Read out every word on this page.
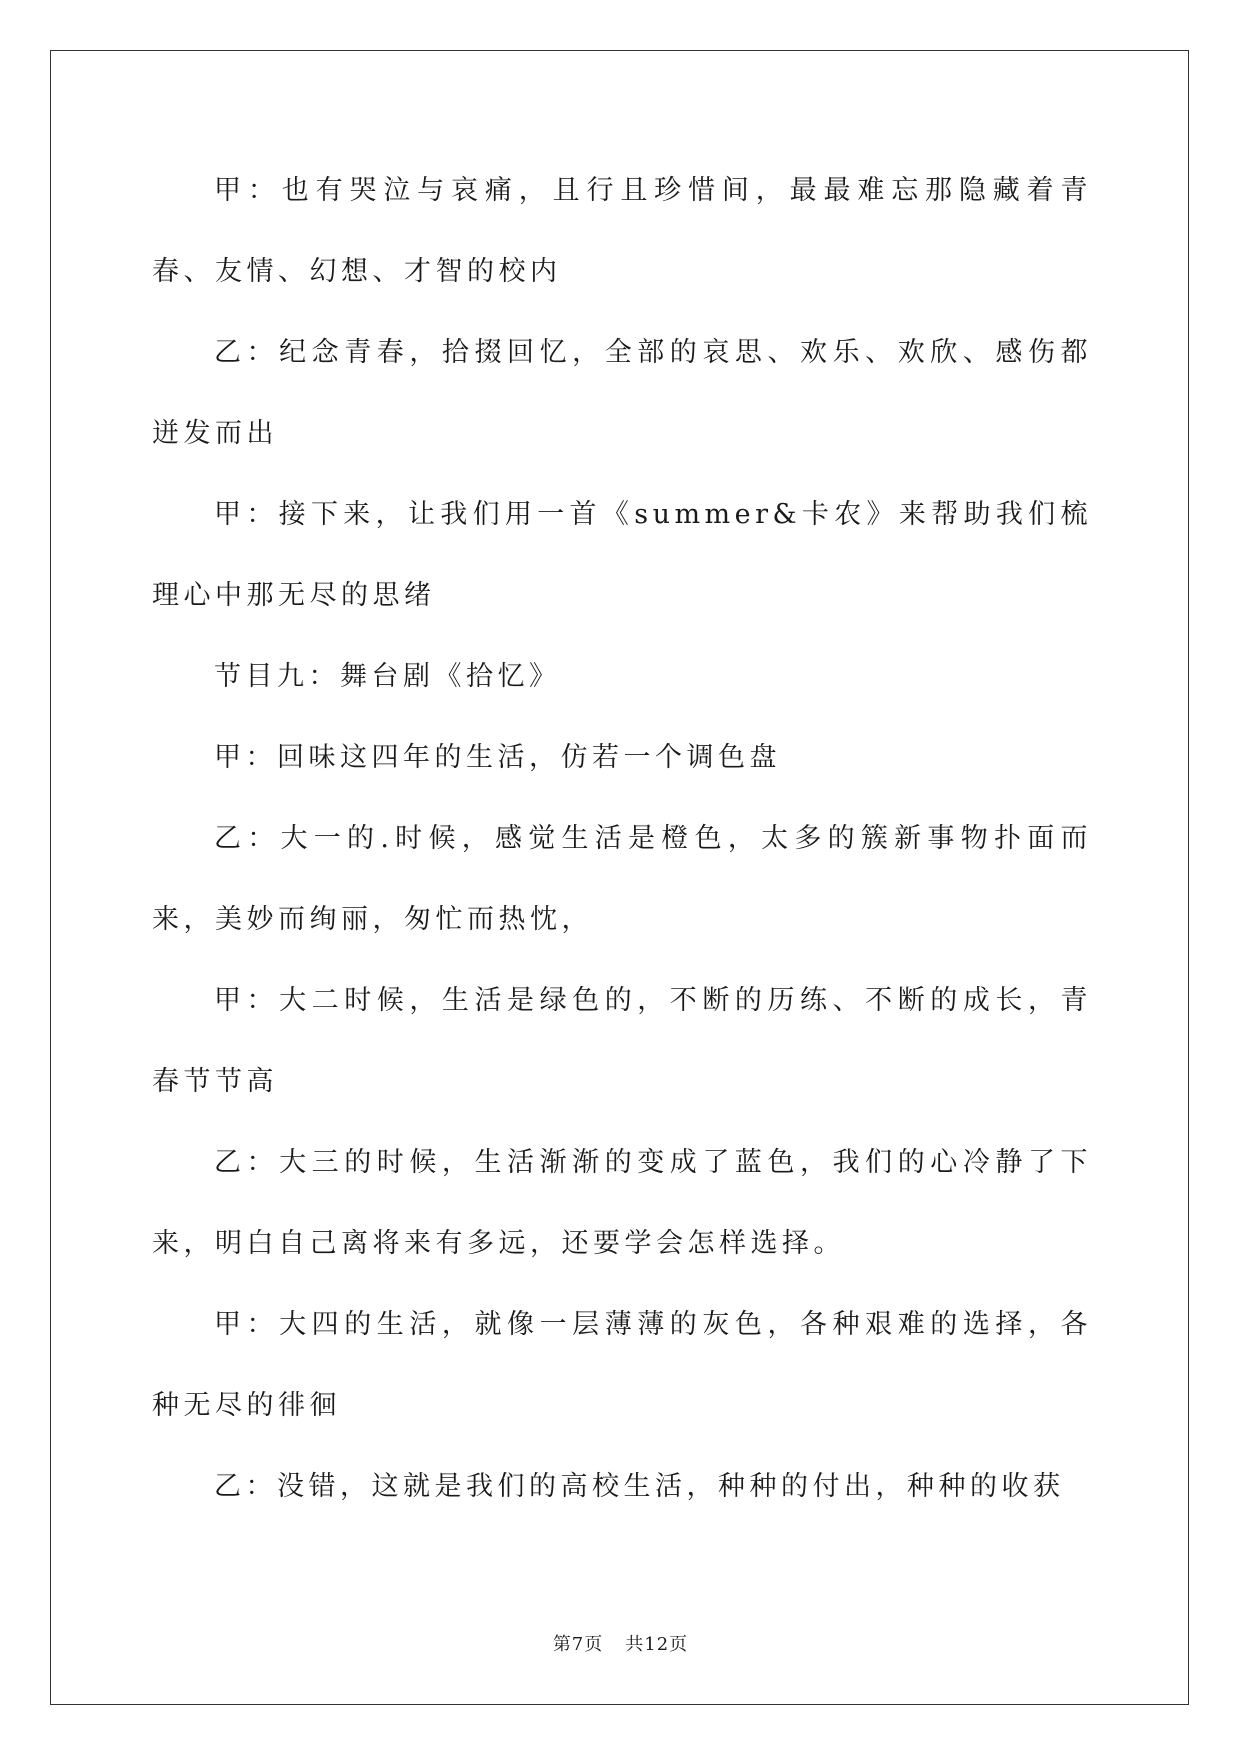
甲：也有哭泣与哀痛，且行且珍惜间，最最难忘那隐藏着青春、友情、幻想、才智的校内

乙：纪念青春，拾掇回忆，全部的哀思、欢乐、欢欣、感伤都迸发而出

甲：接下来，让我们用一首《summer&卡农》来帮助我们梳理心中那无尽的思绪

节目九：舞台剧《拾忆》

甲：回味这四年的生活，仿若一个调色盘

乙：大一的.时候，感觉生活是橙色，太多的簇新事物扑面而来，美妙而绚丽，匆忙而热忱，

甲：大二时候，生活是绿色的，不断的历练、不断的成长，青春节节高

乙：大三的时候，生活渐渐的变成了蓝色，我们的心冷静了下来，明白自己离将来有多远，还要学会怎样选择。

甲：大四的生活，就像一层薄薄的灰色，各种艰难的选择，各种无尽的徘徊

乙：没错，这就是我们的高校生活，种种的付出，种种的收获

第7页 共12页
